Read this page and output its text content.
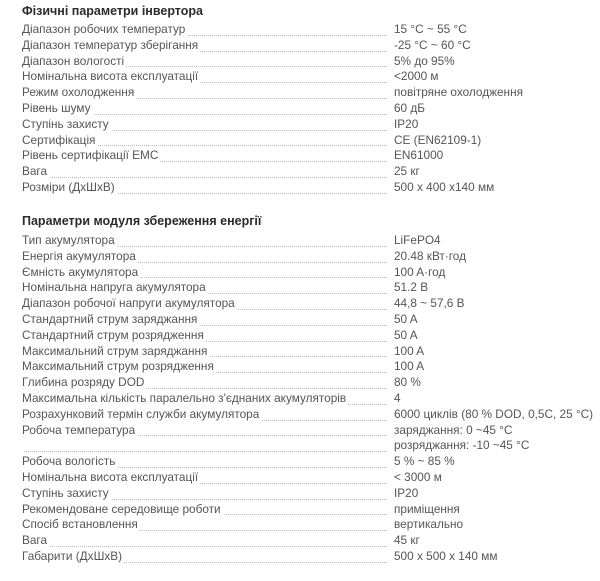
Фізичні параметри інвертора
Діапазон робочих температур	15 °C ~ 55 °C
Діапазон температур зберігання	-25 °C ~ 60 °C
Діапазон вологості	5% до 95%
Номінальна висота експлуатації	<2000 м
Режим охолодження	повітряне охолодження
Рівень шуму	60 дБ
Ступінь захисту	IP20
Сертифікація	CE (EN62109-1)
Рівень сертифікації EMC	EN61000
Вага	25 кг
Розміри (ДхШхВ)	500 x 400 x140 мм
Параметри модуля збереження енергії
Тип акумулятора	LiFePO4
Енергія акумулятора	20.48 кВт·год
Ємність акумулятора	100 A·год
Номінальна напруга акумулятора	51.2 В
Діапазон робочої напруги акумулятора	44,8 ~ 57,6 В
Стандартний струм заряджання	50 A
Стандартний струм розрядження	50 A
Максимальний струм заряджання	100 A
Максимальний струм розрядження	100 A
Глибина розряду DOD	80 %
Максимальна кількість паралельно з'єднаних акумуляторів	4
Розрахунковий термін служби акумулятора	6000 циклів (80 % DOD, 0,5C, 25 °C)
Робоча температура	заряджання: 0 ~45 °C
розряджання: -10 ~45 °C
Робоча вологість	5 % ~ 85 %
Номінальна висота експлуатації	< 3000 м
Ступінь захисту	IP20
Рекомендоване середовище роботи	приміщення
Спосіб встановлення	вертикально
Вага	45 кг
Габарити (ДхШхВ)	500 x 500 x 140 мм
